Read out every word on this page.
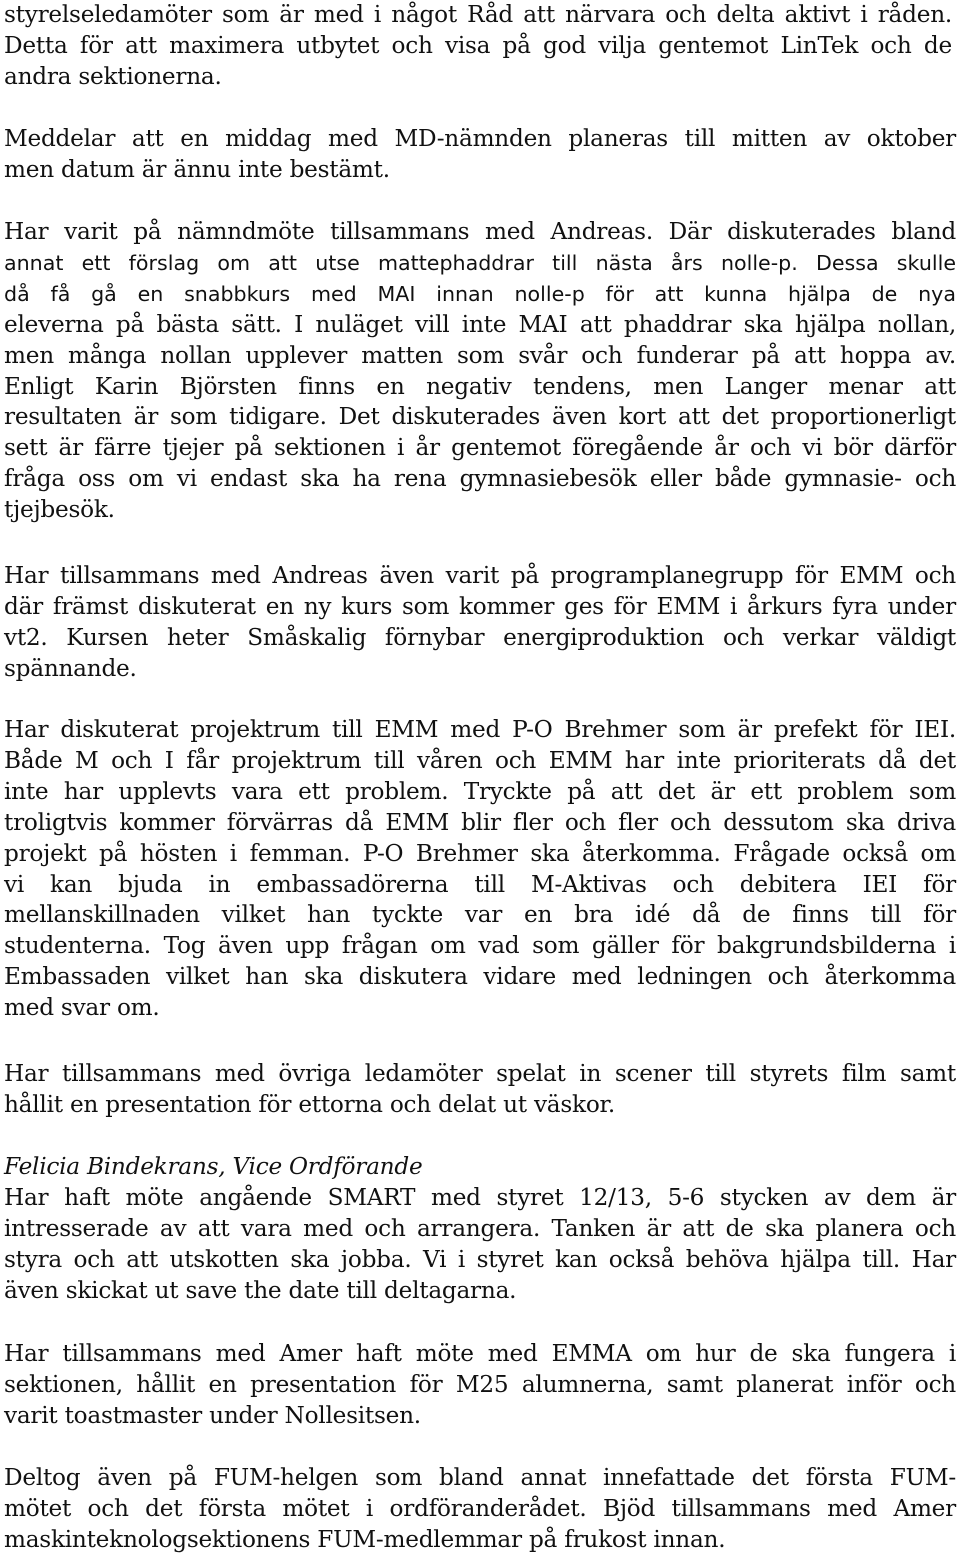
styrelseledamöter som är med i något Råd att närvara och delta aktivt i råden.
Detta för att maximera utbytet och visa på god vilja gentemot LinTek och de
andra sektionerna.
Meddelar att en middag med MD-nämnden planeras till mitten av oktober
men datum är ännu inte bestämt.
Har varit på nämndmöte tillsammans med Andreas. Där diskuterades bland
annat ett förslag om att utse mattephaddrar till nästa års nolle-p. Dessa skulle
då få gå en snabbkurs med MAI innan nolle-p för att kunna hjälpa de nya
eleverna på bästa sätt. I nuläget vill inte MAI att phaddrar ska hjälpa nollan,
men många nollan upplever matten som svår och funderar på att hoppa av.
Enligt Karin Björsten finns en negativ tendens, men Langer menar att
resultaten är som tidigare. Det diskuterades även kort att det proportionerligt
sett är färre tjejer på sektionen i år gentemot föregående år och vi bör därför
fråga oss om vi endast ska ha rena gymnasiebesök eller både gymnasie- och
tjejbesök.
Har tillsammans med Andreas även varit på programplanegrupp för EMM och
där främst diskuterat en ny kurs som kommer ges för EMM i årkurs fyra under
vt2. Kursen heter Småskalig förnybar energiproduktion och verkar väldigt
spännande.
Har diskuterat projektrum till EMM med P-O Brehmer som är prefekt för IEI.
Både M och I får projektrum till våren och EMM har inte prioriterats då det
inte har upplevts vara ett problem. Tryckte på att det är ett problem som
troligtvis kommer förvärras då EMM blir fler och fler och dessutom ska driva
projekt på hösten i femman. P-O Brehmer ska återkomma. Frågade också om
vi kan bjuda in embassadörerna till M-Aktivas och debitera IEI för
mellanskillnaden vilket han tyckte var en bra idé då de finns till för
studenterna. Tog även upp frågan om vad som gäller för bakgrundsbilderna i
Embassaden vilket han ska diskutera vidare med ledningen och återkomma
med svar om.
Har tillsammans med övriga ledamöter spelat in scener till styrets film samt
hållit en presentation för ettorna och delat ut väskor.
Felicia Bindekrans, Vice Ordförande
Har haft möte angående SMART med styret 12/13, 5-6 stycken av dem är
intresserade av att vara med och arrangera. Tanken är att de ska planera och
styra och att utskotten ska jobba. Vi i styret kan också behöva hjälpa till. Har
även skickat ut save the date till deltagarna.
Har tillsammans med Amer haft möte med EMMA om hur de ska fungera i
sektionen, hållit en presentation för M25 alumnerna, samt planerat inför och
varit toastmaster under Nollesitsen.
Deltog även på FUM-helgen som bland annat innefattade det första FUM-
mötet och det första mötet i ordföranderådet. Bjöd tillsammans med Amer
maskinteknologsektionens FUM-medlemmar på frukost innan.
